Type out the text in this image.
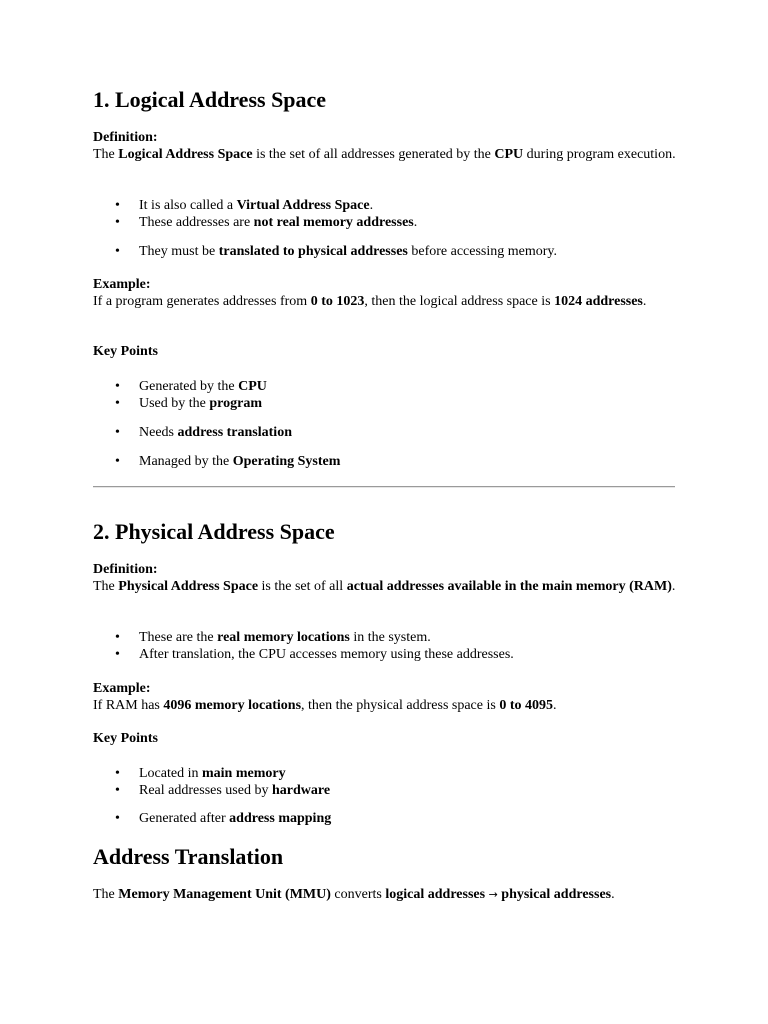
1. Logical Address Space

Definition:
The Logical Address Space is the set of all addresses generated by the CPU during program execution.

• It is also called a Virtual Address Space.
• These addresses are not real memory addresses.
• They must be translated to physical addresses before accessing memory.

Example:
If a program generates addresses from 0 to 1023, then the logical address space is 1024 addresses.

Key Points

• Generated by the CPU
• Used by the program
• Needs address translation
• Managed by the Operating System
2. Physical Address Space

Definition:
The Physical Address Space is the set of all actual addresses available in the main memory (RAM).

• These are the real memory locations in the system.
• After translation, the CPU accesses memory using these addresses.

Example:
If RAM has 4096 memory locations, then the physical address space is 0 to 4095.

Key Points

• Located in main memory
• Real addresses used by hardware
• Generated after address mapping
Address Translation

The Memory Management Unit (MMU) converts logical addresses → physical addresses.
